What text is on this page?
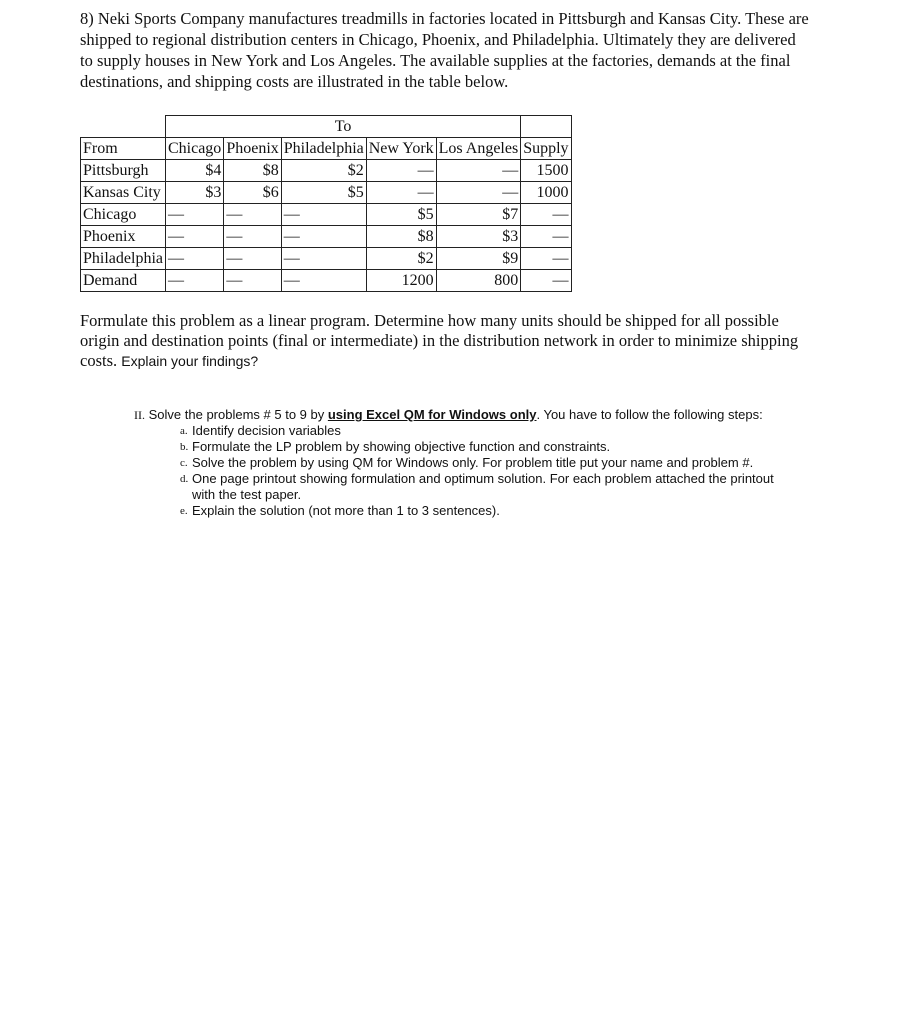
8) Neki Sports Company manufactures treadmills in factories located in Pittsburgh and Kansas City. These are shipped to regional distribution centers in Chicago, Phoenix, and Philadelphia. Ultimately they are delivered to supply houses in New York and Los Angeles. The available supplies at the factories, demands at the final destinations, and shipping costs are illustrated in the table below.

	To					
From	Chicago	Phoenix	Philadelphia	New York	Los Angeles	Supply
Pittsburgh	$4	$8	$2	—	—	1500
Kansas City	$3	$6	$5	—	—	1000
Chicago	—	—	—	$5	$7	—
Phoenix	—	—	—	$8	$3	—
Philadelphia	—	—	—	$2	$9	—
Demand	—	—	—	1200	800	—

Formulate this problem as a linear program. Determine how many units should be shipped for all possible origin and destination points (final or intermediate) in the distribution network in order to minimize shipping costs. Explain your findings?

II. Solve the problems # 5 to 9 by using Excel QM for Windows only. You have to follow the following steps:
a. Identify decision variables
b. Formulate the LP problem by showing objective function and constraints.
c. Solve the problem by using QM for Windows only. For problem title put your name and problem #.
d. One page printout showing formulation and optimum solution. For each problem attached the printout with the test paper.
e. Explain the solution (not more than 1 to 3 sentences).
